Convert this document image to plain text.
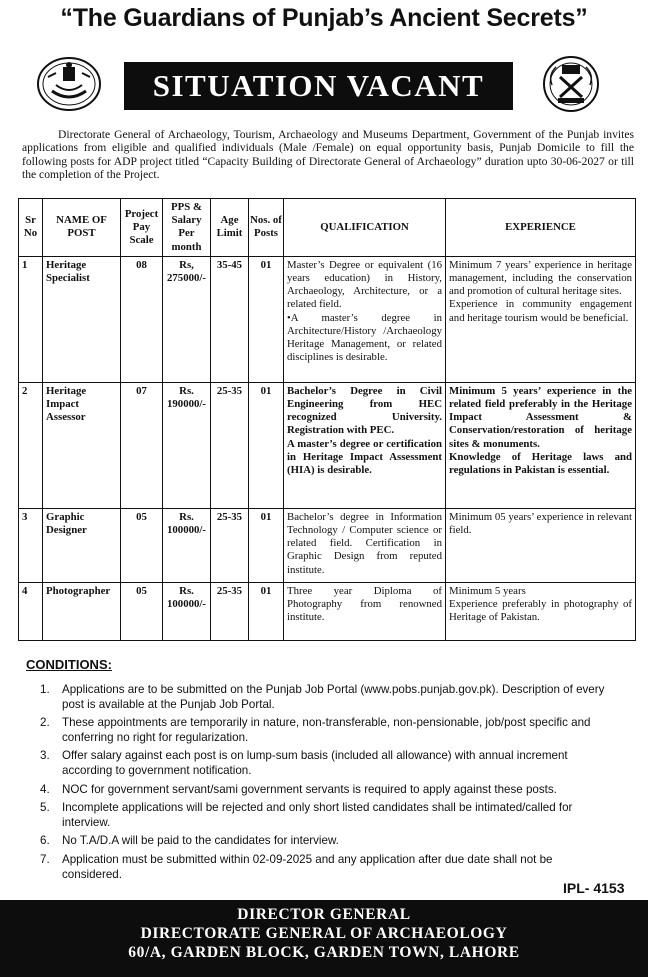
“The Guardians of Punjab’s Ancient Secrets”
SITUATION VACANT

Directorate General of Archaeology, Tourism, Archaeology and Museums Department, Government of the Punjab invites applications from eligible and qualified individuals (Male /Female) on equal opportunity basis, Punjab Domicile to fill the following posts for ADP project titled “Capacity Building of Directorate General of Archaeology” duration upto 30-06-2027 or till the completion of the Project.

Sr No	NAME OF POST	Project Pay Scale	PPS & Salary Per month	Age Limit	Nos. of Posts	QUALIFICATION	EXPERIENCE
1	Heritage Specialist	08	Rs, 275000/-	35-45	01	Master’s Degree or equivalent (16 years education) in History, Archaeology, Architecture, or a related field.
•A master’s degree in Architecture/History /Archaeology Heritage Management, or related disciplines is desirable.	Minimum 7 years’ experience in heritage management, including the conservation and promotion of cultural heritage sites.
Experience in community engagement and heritage tourism would be beneficial.

2	Heritage Impact Assessor	07	Rs. 190000/-	25-35	01	Bachelor’s Degree in Civil Engineering from HEC recognized University. Registration with PEC.
A master’s degree or certification in Heritage Impact Assessment (HIA) is desirable.	Minimum 5 years’ experience in the related field preferably in the Heritage Impact Assessment & Conservation/restoration of heritage sites & monuments.
Knowledge of Heritage laws and regulations in Pakistan is essential.

3	Graphic Designer	05	Rs. 100000/-	25-35	01	Bachelor’s degree in Information Technology / Computer science or related field. Certification in Graphic Design from reputed institute.	Minimum 05 years’ experience in relevant field.

4	Photographer	05	Rs. 100000/-	25-35	01	Three year Diploma of Photography from renowned institute.	Minimum 5 years
Experience preferably in photography of Heritage of Pakistan.
CONDITIONS:
1. Applications are to be submitted on the Punjab Job Portal (www.pobs.punjab.gov.pk). Description of every post is available at the Punjab Job Portal.
2. These appointments are temporarily in nature, non-transferable, non-pensionable, job/post specific and conferring no right for regularization.
3. Offer salary against each post is on lump-sum basis (included all allowance) with annual increment according to government notification.
4. NOC for government servant/sami government servants is required to apply against these posts.
5. Incomplete applications will be rejected and only short listed candidates shall be intimated/called for interview.
6. No T.A/D.A will be paid to the candidates for interview.
7. Application must be submitted within 02-09-2025 and any application after due date shall not be considered.
IPL- 4153
DIRECTOR GENERAL
DIRECTORATE GENERAL OF ARCHAEOLOGY
60/A, GARDEN BLOCK, GARDEN TOWN, LAHORE
